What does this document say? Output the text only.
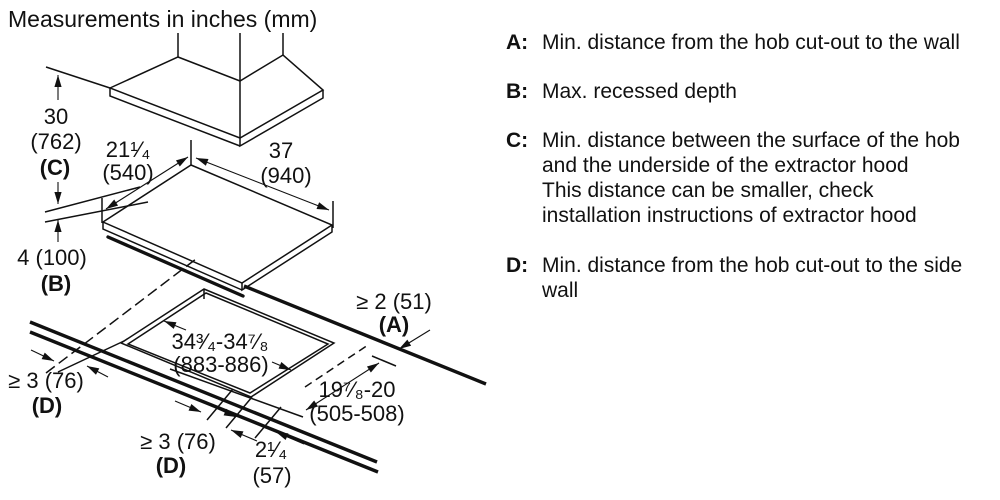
Measurements in inches (mm)
30
(762)
(C)
4 (100)
(B)
21¹⁄₄
(540)
37
(940)
34³⁄₄-34⁷⁄₈
(883-886)
19⁷⁄₈-20
(505-508)
≥ 2 (51)
(A)
≥ 3 (76)
(D)
≥ 3 (76)
(D)
2¹⁄₄
(57)
A: Min. distance from the hob cut-out to the wall
B: Max. recessed depth
C: Min. distance between the surface of the hob and the underside of the extractor hood
This distance can be smaller, check installation instructions of extractor hood
D: Min. distance from the hob cut-out to the side wall
